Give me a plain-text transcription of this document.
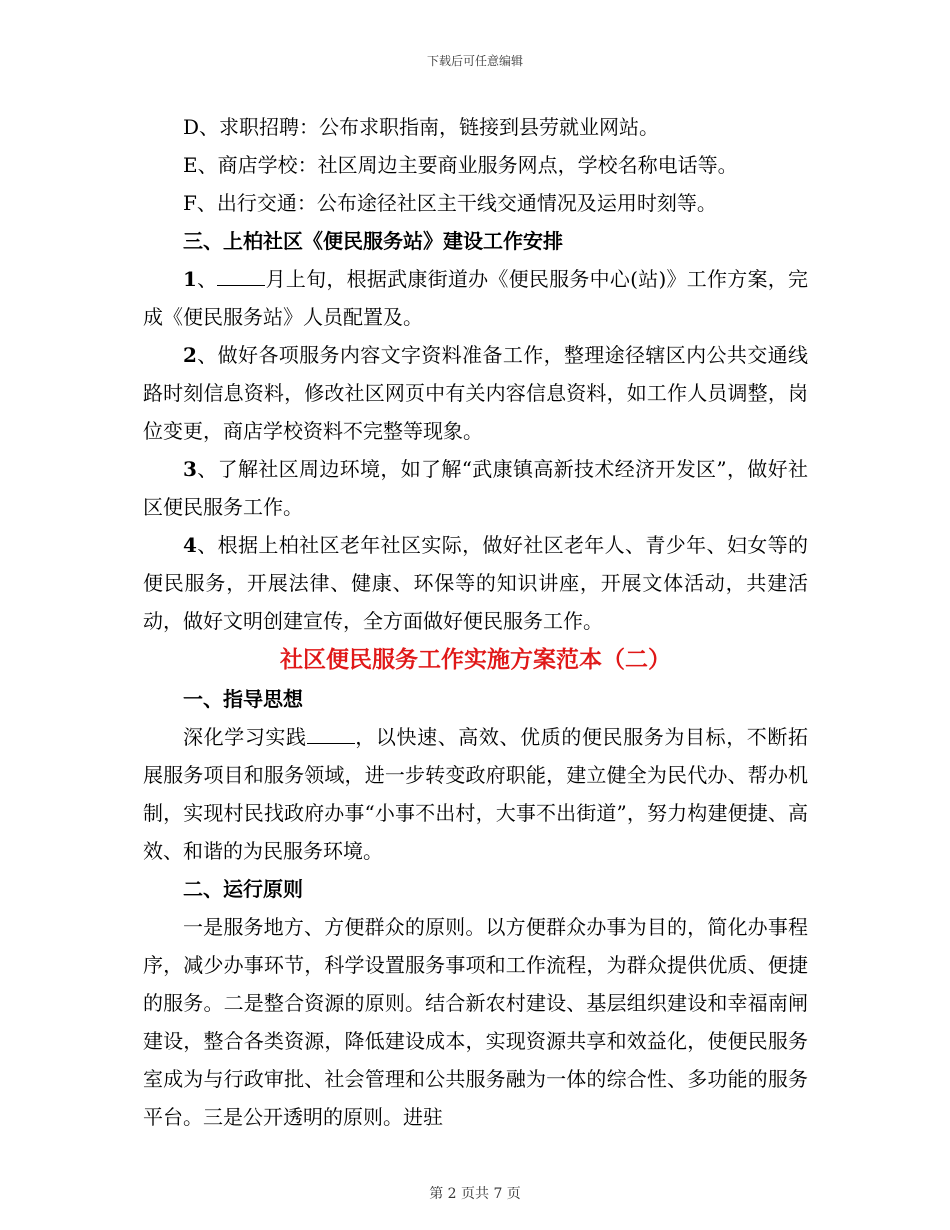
下载后可任意编辑

D、求职招聘：公布求职指南，链接到县劳就业网站。

E、商店学校：社区周边主要商业服务网点，学校名称电话等。

F、出行交通：公布途径社区主干线交通情况及运用时刻等。

三、上柏社区《便民服务站》建设工作安排

1、 月上旬，根据武康街道办《便民服务中心(站)》工作方案，完成《便民服务站》人员配置及。

2、做好各项服务内容文字资料准备工作，整理途径辖区内公共交通线路时刻信息资料，修改社区网页中有关内容信息资料，如工作人员调整，岗位变更，商店学校资料不完整等现象。

3、了解社区周边环境，如了解“武康镇高新技术经济开发区”，做好社区便民服务工作。

4、根据上柏社区老年社区实际，做好社区老年人、青少年、妇女等的便民服务，开展法律、健康、环保等的知识讲座，开展文体活动，共建活动，做好文明创建宣传，全方面做好便民服务工作。

社区便民服务工作实施方案范本（二）

一、指导思想

深化学习实践 ，以快速、高效、优质的便民服务为目标，不断拓展服务项目和服务领域，进一步转变政府职能，建立健全为民代办、帮办机制，实现村民找政府办事“小事不出村，大事不出街道”，努力构建便捷、高效、和谐的为民服务环境。

二、运行原则

一是服务地方、方便群众的原则。以方便群众办事为目的，简化办事程序，减少办事环节，科学设置服务事项和工作流程，为群众提供优质、便捷的服务。二是整合资源的原则。结合新农村建设、基层组织建设和幸福南闸建设，整合各类资源，降低建设成本，实现资源共享和效益化，使便民服务室成为与行政审批、社会管理和公共服务融为一体的综合性、多功能的服务平台。三是公开透明的原则。进驻

第 2 页共 7 页
